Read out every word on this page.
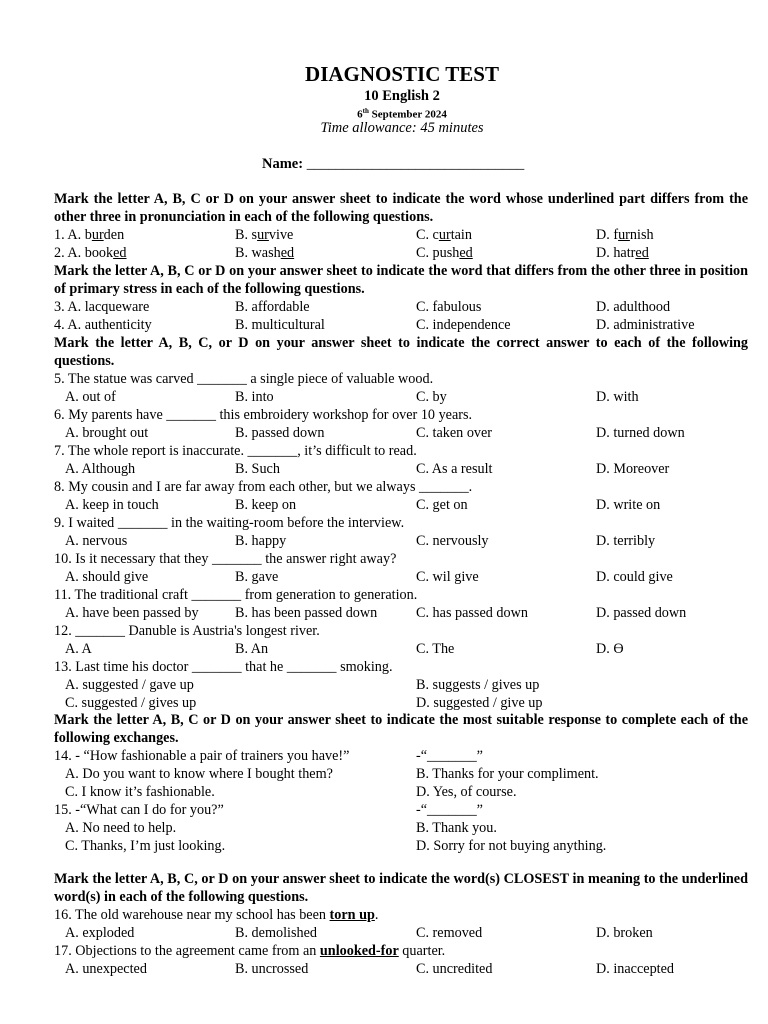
DIAGNOSTIC TEST
10 English 2
6th September 2024
Time allowance: 45 minutes
Name: ______________________________
Mark the letter A, B, C or D on your answer sheet to indicate the word whose underlined part differs from the other three in pronunciation in each of the following questions.
1. A. burden	B. survive	C. curtain	D. furnish
2. A. booked	B. washed	C. pushed	D. hatred
Mark the letter A, B, C or D on your answer sheet to indicate the word that differs from the other three in position of primary stress in each of the following questions.
3. A. lacqueware	B. affordable	C. fabulous	D. adulthood
4. A. authenticity	B. multicultural	C. independence	D. administrative
Mark the letter A, B, C, or D on your answer sheet to indicate the correct answer to each of the following questions.
5. The statue was carved _______ a single piece of valuable wood.
A. out of	B. into	C. by	D. with
6. My parents have _______ this embroidery workshop for over 10 years.
A. brought out	B. passed down	C. taken over	D. turned down
7. The whole report is inaccurate. _______, it’s difficult to read.
A. Although	B. Such	C. As a result	D. Moreover
8. My cousin and I are far away from each other, but we always _______.
A. keep in touch	B. keep on	C. get on	D. write on
9. I waited _______ in the waiting-room before the interview.
A. nervous	B. happy	C. nervously	D. terribly
10. Is it necessary that they _______ the answer right away?
A. should give	B. gave	C. wil give	D. could give
11. The traditional craft _______ from generation to generation.
A. have been passed by	B. has been passed down	C. has passed down	D. passed down
12. _______ Danuble is Austria's longest river.
A. A	B. An	C. The	D. Ө
13. Last time his doctor _______ that he _______ smoking.
A. suggested / gave up	B. suggests / gives up
C. suggested / gives up	D. suggested / give up
Mark the letter A, B, C or D on your answer sheet to indicate the most suitable response to complete each of the following exchanges.
14. - “How fashionable a pair of trainers you have!”	-“_______”
A. Do you want to know where I bought them?	B. Thanks for your compliment.
C. I know it’s fashionable.	D. Yes, of course.
15. -“What can I do for you?”	-“_______”
A. No need to help.	B. Thank you.
C. Thanks, I’m just looking.	D. Sorry for not buying anything.
Mark the letter A, B, C, or D on your answer sheet to indicate the word(s) CLOSEST in meaning to the underlined word(s) in each of the following questions.
16. The old warehouse near my school has been torn up.
A. exploded	B. demolished	C. removed	D. broken
17. Objections to the agreement came from an unlooked-for quarter.
A. unexpected	B. uncrossed	C. uncredited	D. inaccepted
